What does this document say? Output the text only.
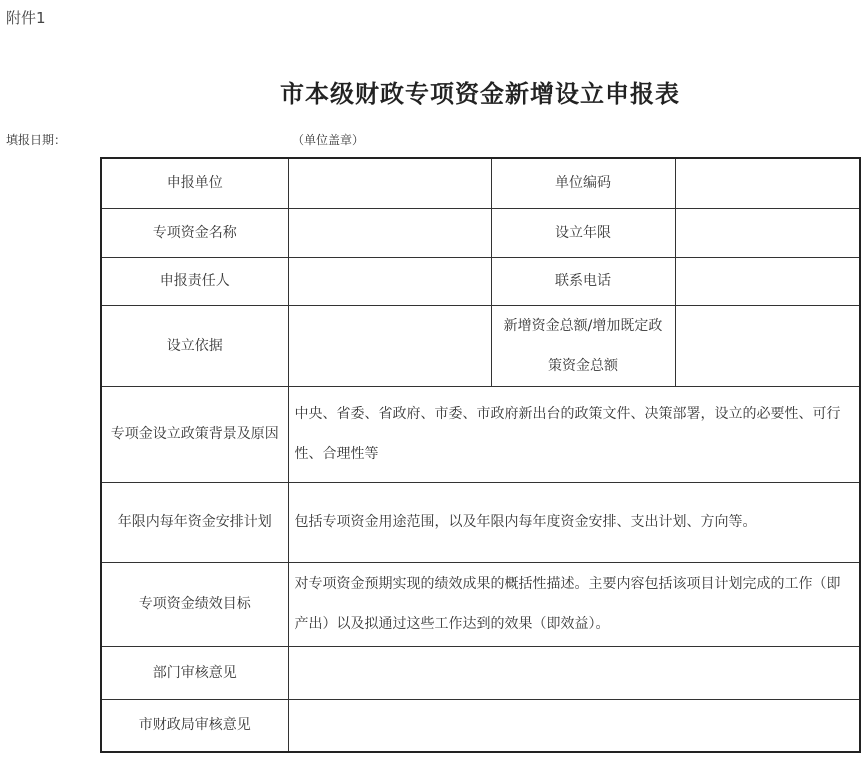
附件1
市本级财政专项资金新增设立申报表
填报日期：	（单位盖章）
申报单位		单位编码	
专项资金名称		设立年限	
申报责任人		联系电话	
设立依据		新增资金总额/增加既定政策资金总额	
专项金设立政策背景及原因	中央、省委、省政府、市委、市政府新出台的政策文件、决策部署，设立的必要性、可行性、合理性等		
年限内每年资金安排计划	包括专项资金用途范围，以及年限内每年度资金安排、支出计划、方向等。		
专项资金绩效目标	对专项资金预期实现的绩效成果的概括性描述。主要内容包括该项目计划完成的工作（即产出）以及拟通过这些工作达到的效果（即效益）。		
部门审核意见			
市财政局审核意见			
